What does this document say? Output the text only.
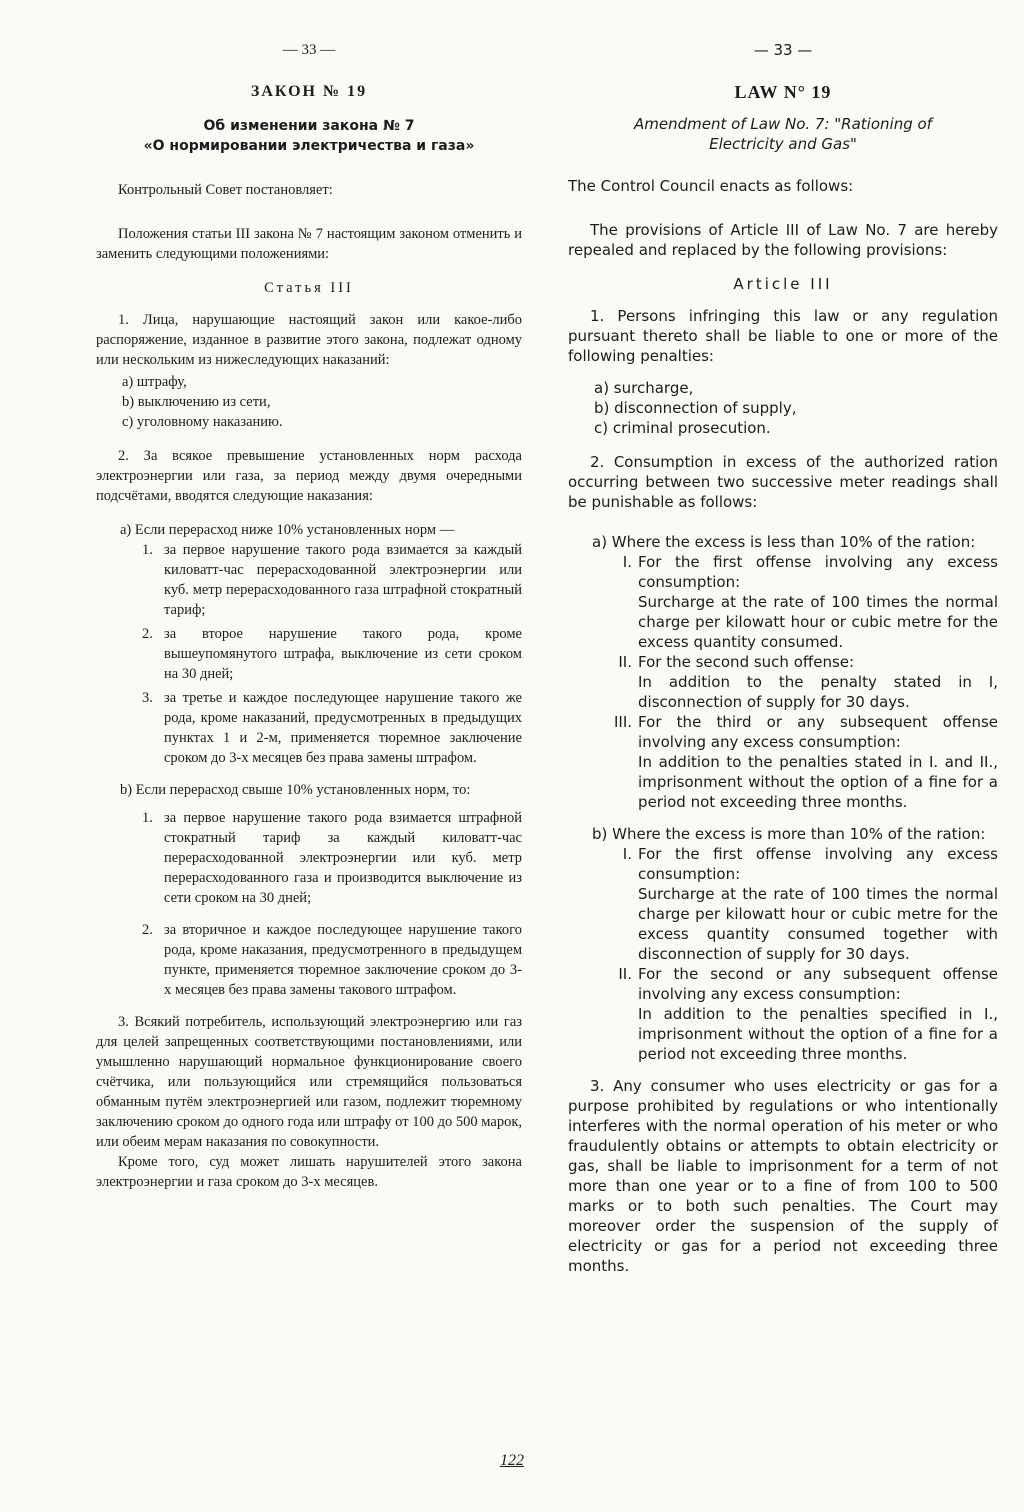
— 33 —
ЗАКОН № 19
Об изменении закона № 7
«О нормировании электричества и газа»

Контрольный Совет постановляет:

Положения статьи III закона № 7 настоящим законом отменить и заменить следующими положениями:

Статья III

1. Лица, нарушающие настоящий закон или какое-либо распоряжение, изданное в развитие этого закона, подлежат одному или нескольким из нижеследующих наказаний:

a) штрафу,
b) выключению из сети,
c) уголовному наказанию.

2. За всякое превышение установленных норм расхода электроэнергии или газа, за период между двумя очередными подсчётами, вводятся следующие наказания:

a) Если перерасход ниже 10% установленных норм —

1. за первое нарушение такого рода взимается за каждый киловатт-час перерасходованной электроэнергии или куб. метр перерасходованного газа штрафной стократный тариф;
2. за второе нарушение такого рода, кроме вышеупомянутого штрафа, выключение из сети сроком на 30 дней;
3. за третье и каждое последующее нарушение такого же рода, кроме наказаний, предусмотренных в предыдущих пунктах 1 и 2-м, применяется тюремное заключение сроком до 3-х месяцев без права замены штрафом.

b) Если перерасход свыше 10% установленных норм, то:

1. за первое нарушение такого рода взимается штрафной стократный тариф за каждый киловатт-час перерасходованной электроэнергии или куб. метр перерасходованного газа и производится выключение из сети сроком на 30 дней;
2. за вторичное и каждое последующее нарушение такого рода, кроме наказания, предусмотренного в предыдущем пункте, применяется тюремное заключение сроком до 3-х месяцев без права замены такового штрафом.

3. Всякий потребитель, использующий электроэнергию или газ для целей запрещенных соответствующими постановлениями, или умышленно нарушающий нормальное функционирование своего счётчика, или пользующийся или стремящийся пользоваться обманным путём электроэнергией или газом, подлежит тюремному заключению сроком до одного года или штрафу от 100 до 500 марок, или обеим мерам наказания по совокупности.

Кроме того, суд может лишать нарушителей этого закона электроэнергии и газа сроком до 3-х месяцев.

— 33 —
LAW N° 19
Amendment of Law No. 7: "Rationing of
Electricity and Gas"

The Control Council enacts as follows:

The provisions of Article III of Law No. 7 are hereby repealed and replaced by the following provisions:

Article III

1. Persons infringing this law or any regulation pursuant thereto shall be liable to one or more of the following penalties:

a) surcharge,
b) disconnection of supply,
c) criminal prosecution.

2. Consumption in excess of the authorized ration occurring between two successive meter readings shall be punishable as follows:

a) Where the excess is less than 10% of the ration:

I. For the first offense involving any excess consumption:
Surcharge at the rate of 100 times the normal charge per kilowatt hour or cubic metre for the excess quantity consumed.
II. For the second such offense:
In addition to the penalty stated in I, disconnection of supply for 30 days.
III. For the third or any subsequent offense involving any excess consumption:
In addition to the penalties stated in I. and II., imprisonment without the option of a fine for a period not exceeding three months.

b) Where the excess is more than 10% of the ration:

I. For the first offense involving any excess consumption:
Surcharge at the rate of 100 times the normal charge per kilowatt hour or cubic metre for the excess quantity consumed together with disconnection of supply for 30 days.
II. For the second or any subsequent offense involving any excess consumption:
In addition to the penalties specified in I., imprisonment without the option of a fine for a period not exceeding three months.

3. Any consumer who uses electricity or gas for a purpose prohibited by regulations or who intentionally interferes with the normal operation of his meter or who fraudulently obtains or attempts to obtain electricity or gas, shall be liable to imprisonment for a term of not more than one year or to a fine of from 100 to 500 marks or to both such penalties. The Court may moreover order the suspension of the supply of electricity or gas for a period not exceeding three months.

122
